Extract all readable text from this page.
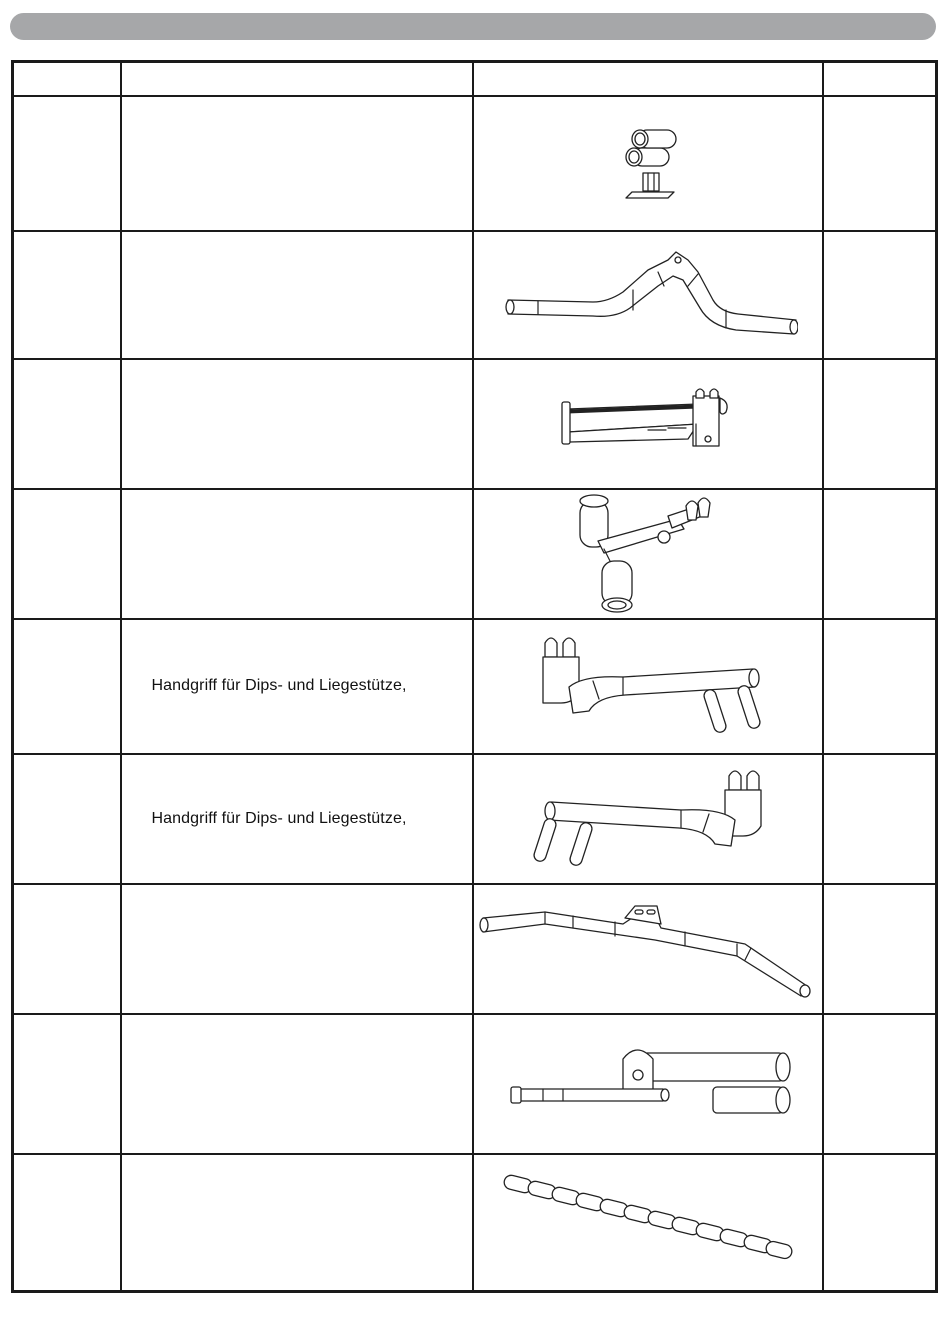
	Handgriff für Dips- und Liegestütze,

	Handgriff für Dips- und Liegestütze,
